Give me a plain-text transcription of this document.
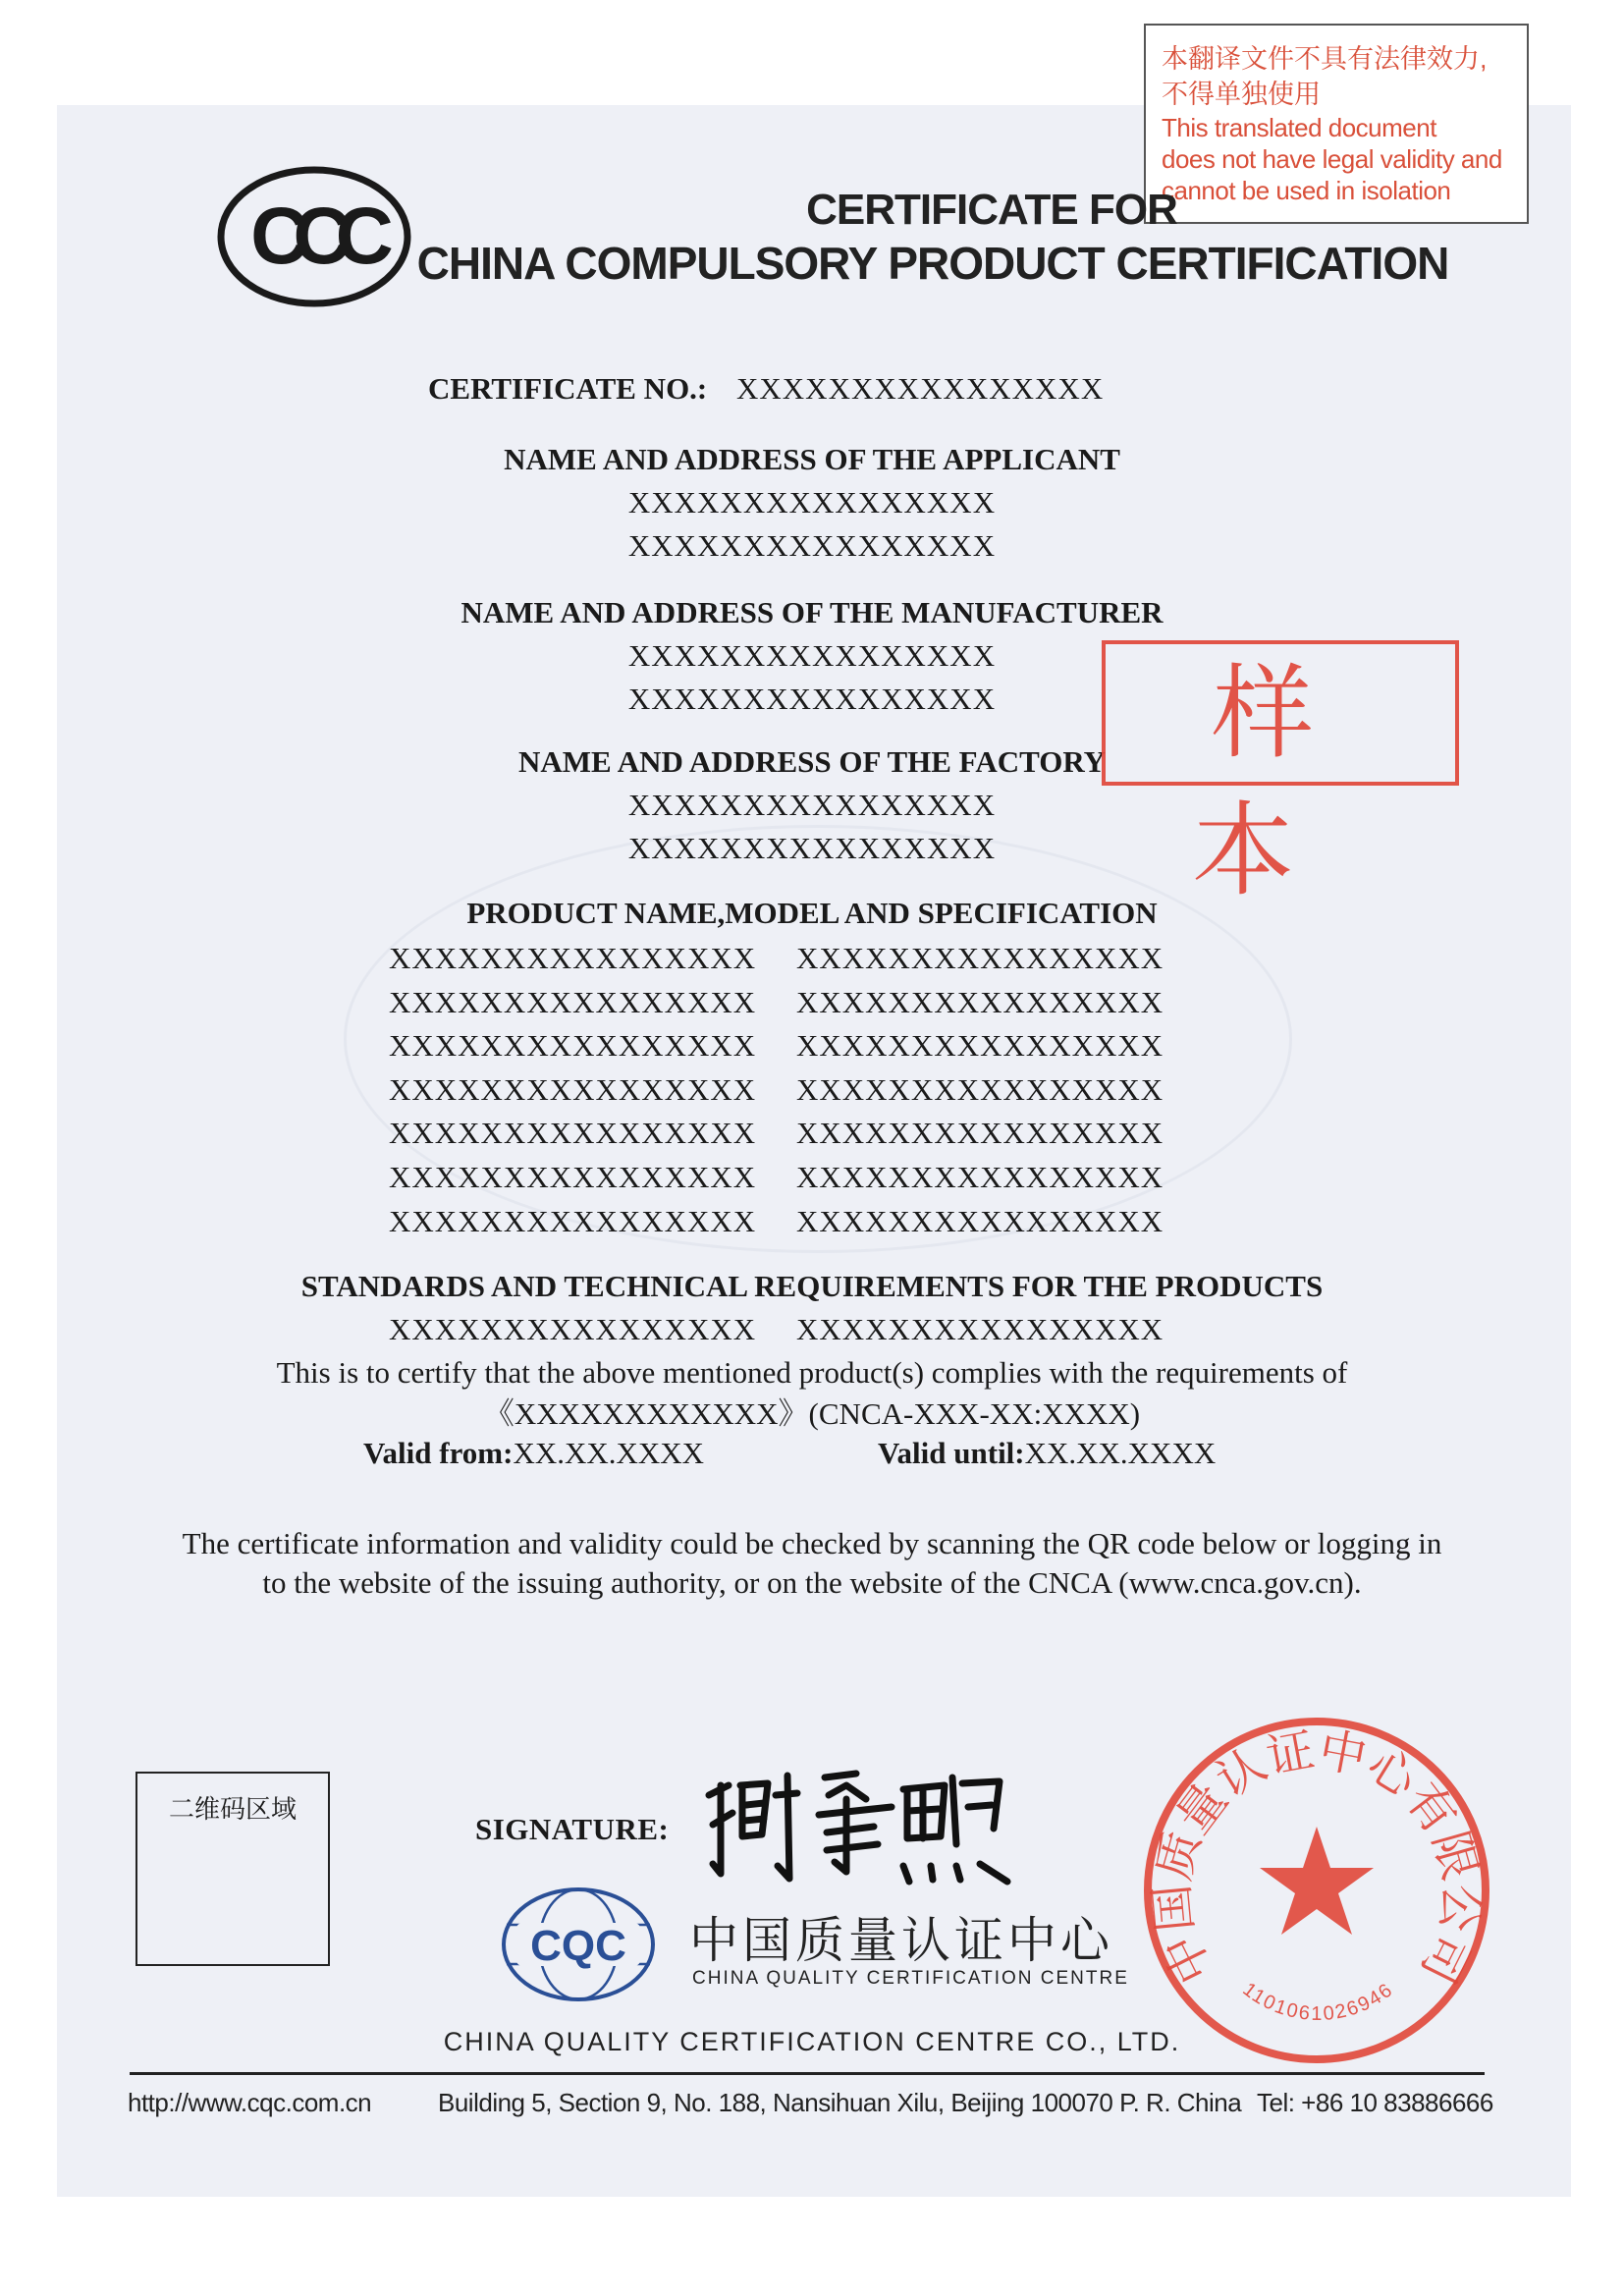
CCC
本翻译文件不具有法律效力,
不得单独使用
This translated document
does not have legal validity and
cannot be used in isolation
CERTIFICATE FOR
CHINA COMPULSORY PRODUCT CERTIFICATION
CERTIFICATE NO.: XXXXXXXXXXXXXXXX
NAME AND ADDRESS OF THE APPLICANT
XXXXXXXXXXXXXXXX
XXXXXXXXXXXXXXXX
NAME AND ADDRESS OF THE MANUFACTURER
XXXXXXXXXXXXXXXX
XXXXXXXXXXXXXXXX
NAME AND ADDRESS OF THE FACTORY
XXXXXXXXXXXXXXXX
XXXXXXXXXXXXXXXX
样本
PRODUCT NAME,MODEL AND SPECIFICATION
XXXXXXXXXXXXXXXX	XXXXXXXXXXXXXXXX
XXXXXXXXXXXXXXXX	XXXXXXXXXXXXXXXX
XXXXXXXXXXXXXXXX	XXXXXXXXXXXXXXXX
XXXXXXXXXXXXXXXX	XXXXXXXXXXXXXXXX
XXXXXXXXXXXXXXXX	XXXXXXXXXXXXXXXX
XXXXXXXXXXXXXXXX	XXXXXXXXXXXXXXXX
XXXXXXXXXXXXXXXX	XXXXXXXXXXXXXXXX
STANDARDS AND TECHNICAL REQUIREMENTS FOR THE PRODUCTS
XXXXXXXXXXXXXXXX	XXXXXXXXXXXXXXXX
This is to certify that the above mentioned product(s) complies with the requirements of
《XXXXXXXXXXXX》(CNCA-XXX-XX:XXXX)
Valid from:XX.XX.XXXX	Valid until:XX.XX.XXXX
The certificate information and validity could be checked by scanning the QR code below or logging in
to the website of the issuing authority, or on the website of the CNCA (www.cnca.gov.cn).
二维码区域
SIGNATURE:
CQC 中国质量认证中心
CHINA QUALITY CERTIFICATION CENTRE
CHINA QUALITY CERTIFICATION CENTRE CO., LTD.
中国质量认证中心有限公司
1101061026946
http://www.cqc.com.cn	Building 5, Section 9, No. 188, Nansihuan Xilu, Beijing 100070 P. R. China Tel: +86 10 83886666
